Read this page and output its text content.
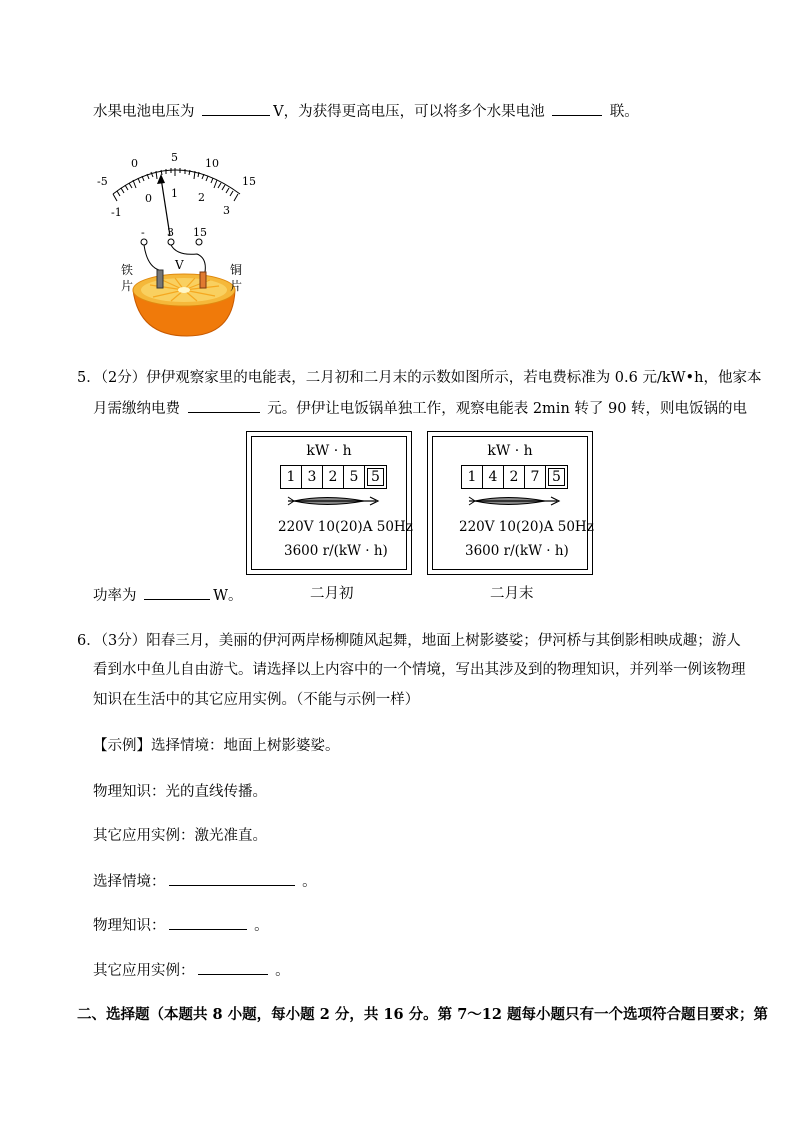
水果电池电压为	V，为获得更高电压，可以将多个水果电池	联。
-5
0	5 10
15
-1
0 1 2
3
- 3 15
V
铁
片
铜
片
5．（2分）伊伊观察家里的电能表，二月初和二月末的示数如图所示，若电费标准为 0.6 元/kW•h，他家本
月需缴纳电费	元。伊伊让电饭锅单独工作，观察电能表 2min 转了 90 转，则电饭锅的电
kW · h
1 3 2 5 5
220V 10(20)A 50Hz
3600 r/(kW · h)
二月初
kW · h
1 4 2 7 5
220V 10(20)A 50Hz
3600 r/(kW · h)
二月末
功率为	W。
6．（3分）阳春三月，美丽的伊河两岸杨柳随风起舞，地面上树影婆娑；伊河桥与其倒影相映成趣；游人
看到水中鱼儿自由游弋。请选择以上内容中的一个情境，写出其涉及到的物理知识，并列举一例该物理
知识在生活中的其它应用实例。（不能与示例一样）
【示例】选择情境：地面上树影婆娑。
物理知识：光的直线传播。
其它应用实例：激光准直。
选择情境：	。
物理知识：	。
其它应用实例：	。
二、选择题（本题共 8 小题，每小题 2 分，共 16 分。第 7～12 题每小题只有一个选项符合题目要求；第
